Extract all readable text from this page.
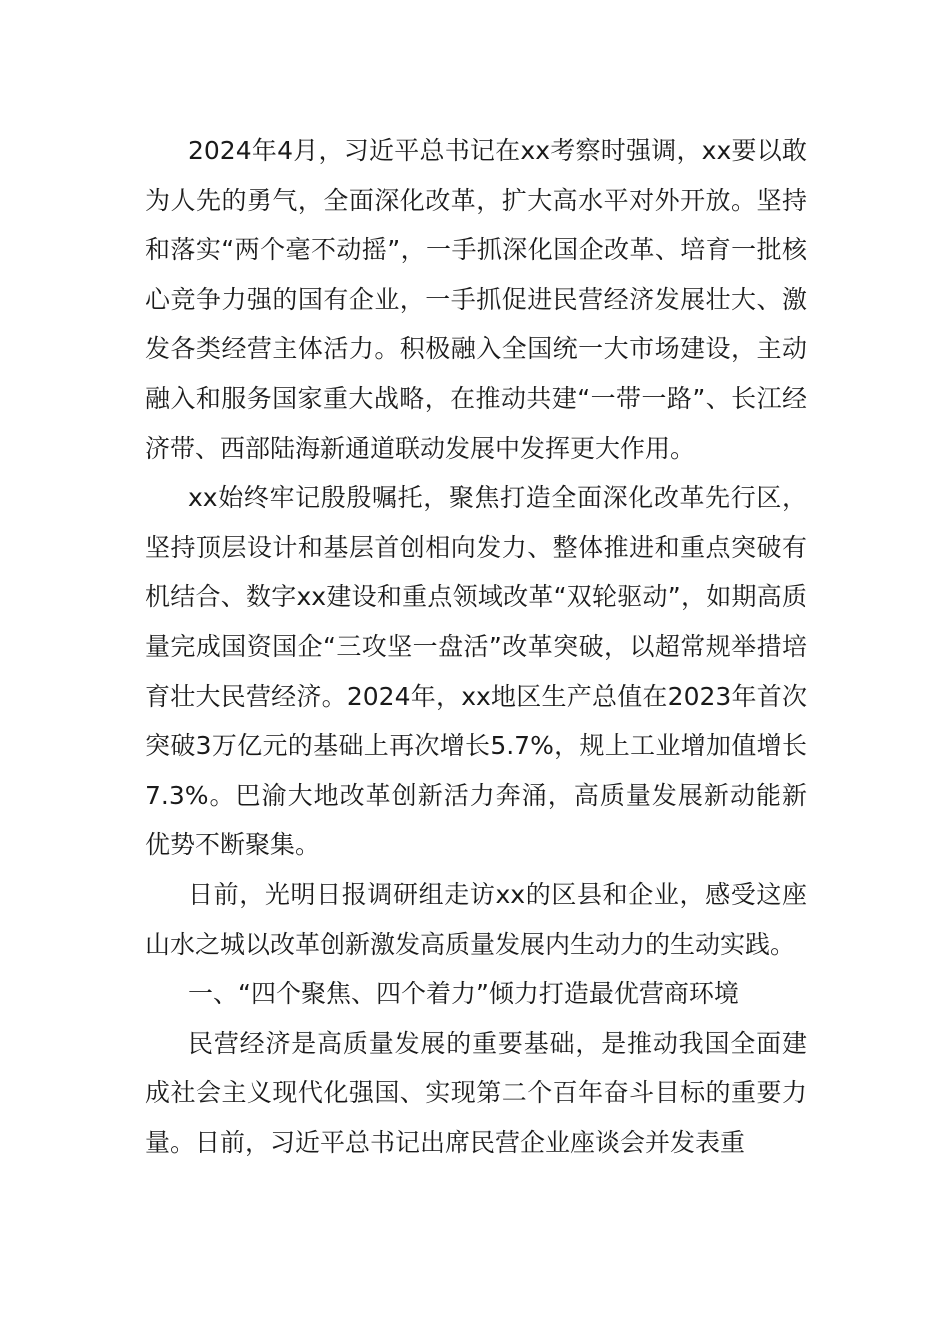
2024年4月，习近平总书记在xx考察时强调，xx要以敢为人先的勇气，全面深化改革，扩大高水平对外开放。坚持和落实“两个毫不动摇”，一手抓深化国企改革、培育一批核心竞争力强的国有企业，一手抓促进民营经济发展壮大、激发各类经营主体活力。积极融入全国统一大市场建设，主动融入和服务国家重大战略，在推动共建“一带一路”、长江经济带、西部陆海新通道联动发展中发挥更大作用。

xx始终牢记殷殷嘱托，聚焦打造全面深化改革先行区，坚持顶层设计和基层首创相向发力、整体推进和重点突破有机结合、数字xx建设和重点领域改革“双轮驱动”，如期高质量完成国资国企“三攻坚一盘活”改革突破，以超常规举措培育壮大民营经济。2024年，xx地区生产总值在2023年首次突破3万亿元的基础上再次增长5.7%，规上工业增加值增长7.3%。巴渝大地改革创新活力奔涌，高质量发展新动能新优势不断聚集。

日前，光明日报调研组走访xx的区县和企业，感受这座山水之城以改革创新激发高质量发展内生动力的生动实践。

一、“四个聚焦、四个着力”倾力打造最优营商环境

民营经济是高质量发展的重要基础，是推动我国全面建成社会主义现代化强国、实现第二个百年奋斗目标的重要力量。日前，习近平总书记出席民营企业座谈会并发表重
